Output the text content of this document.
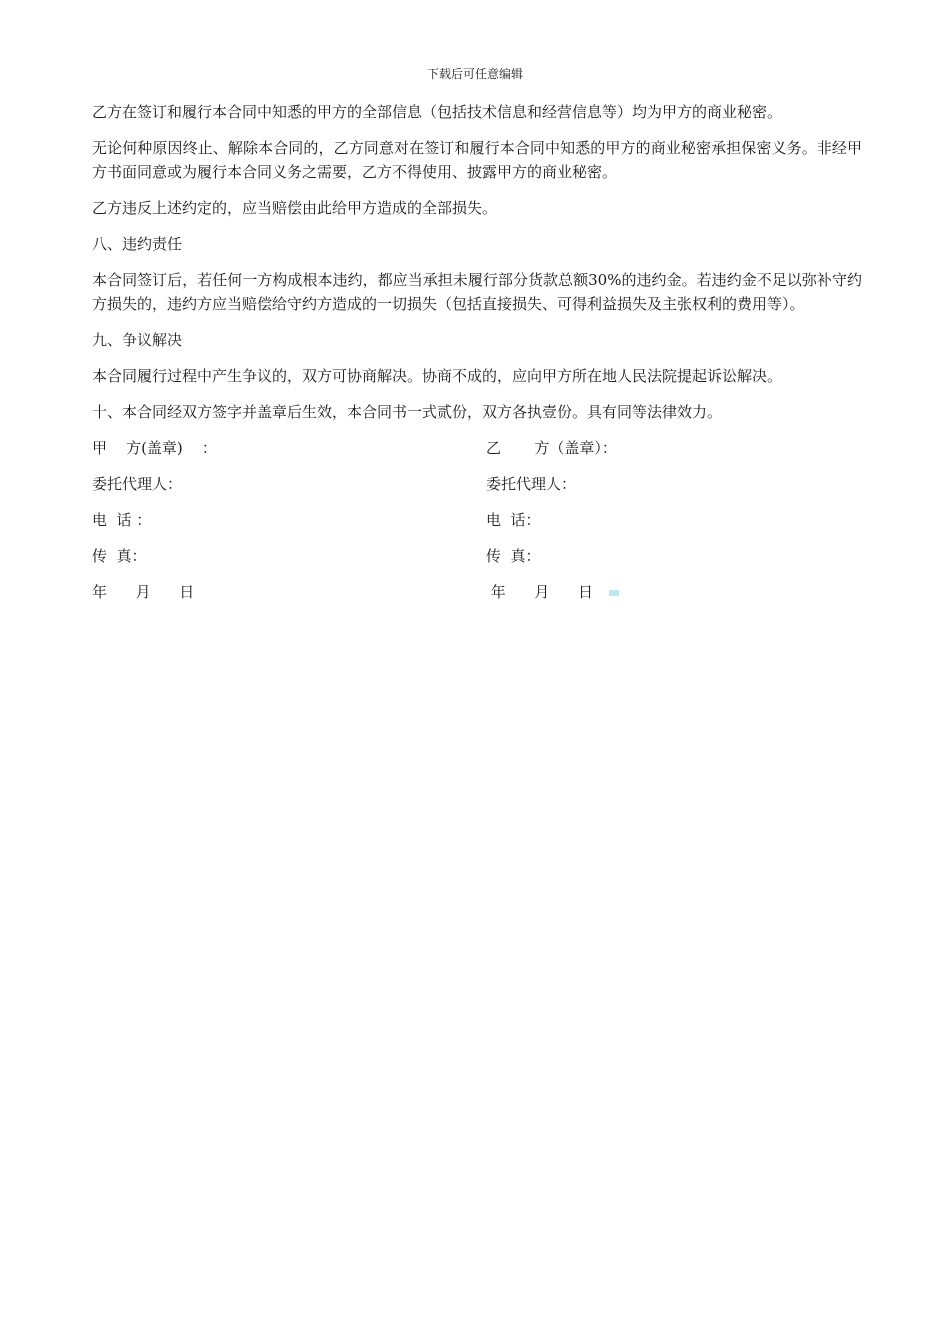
下载后可任意编辑

乙方在签订和履行本合同中知悉的甲方的全部信息（包括技术信息和经营信息等）均为甲方的商业秘密。

无论何种原因终止、解除本合同的，乙方同意对在签订和履行本合同中知悉的甲方的商业秘密承担保密义务。非经甲方书面同意或为履行本合同义务之需要，乙方不得使用、披露甲方的商业秘密。

乙方违反上述约定的，应当赔偿由此给甲方造成的全部损失。

八、违约责任

本合同签订后，若任何一方构成根本违约，都应当承担未履行部分货款总额30%的违约金。若违约金不足以弥补守约方损失的，违约方应当赔偿给守约方造成的一切损失（包括直接损失、可得利益损失及主张权利的费用等）。

九、争议解决

本合同履行过程中产生争议的，双方可协商解决。协商不成的，应向甲方所在地人民法院提起诉讼解决。

十、本合同经双方签字并盖章后生效，本合同书一式贰份，双方各执壹份。具有同等法律效力。

甲    方(盖章)    ：	乙       方（盖章）：
委托代理人：	委托代理人：
电  话 ：	电  话：
传  真：	传  真：
年      月      日	年      月      日
